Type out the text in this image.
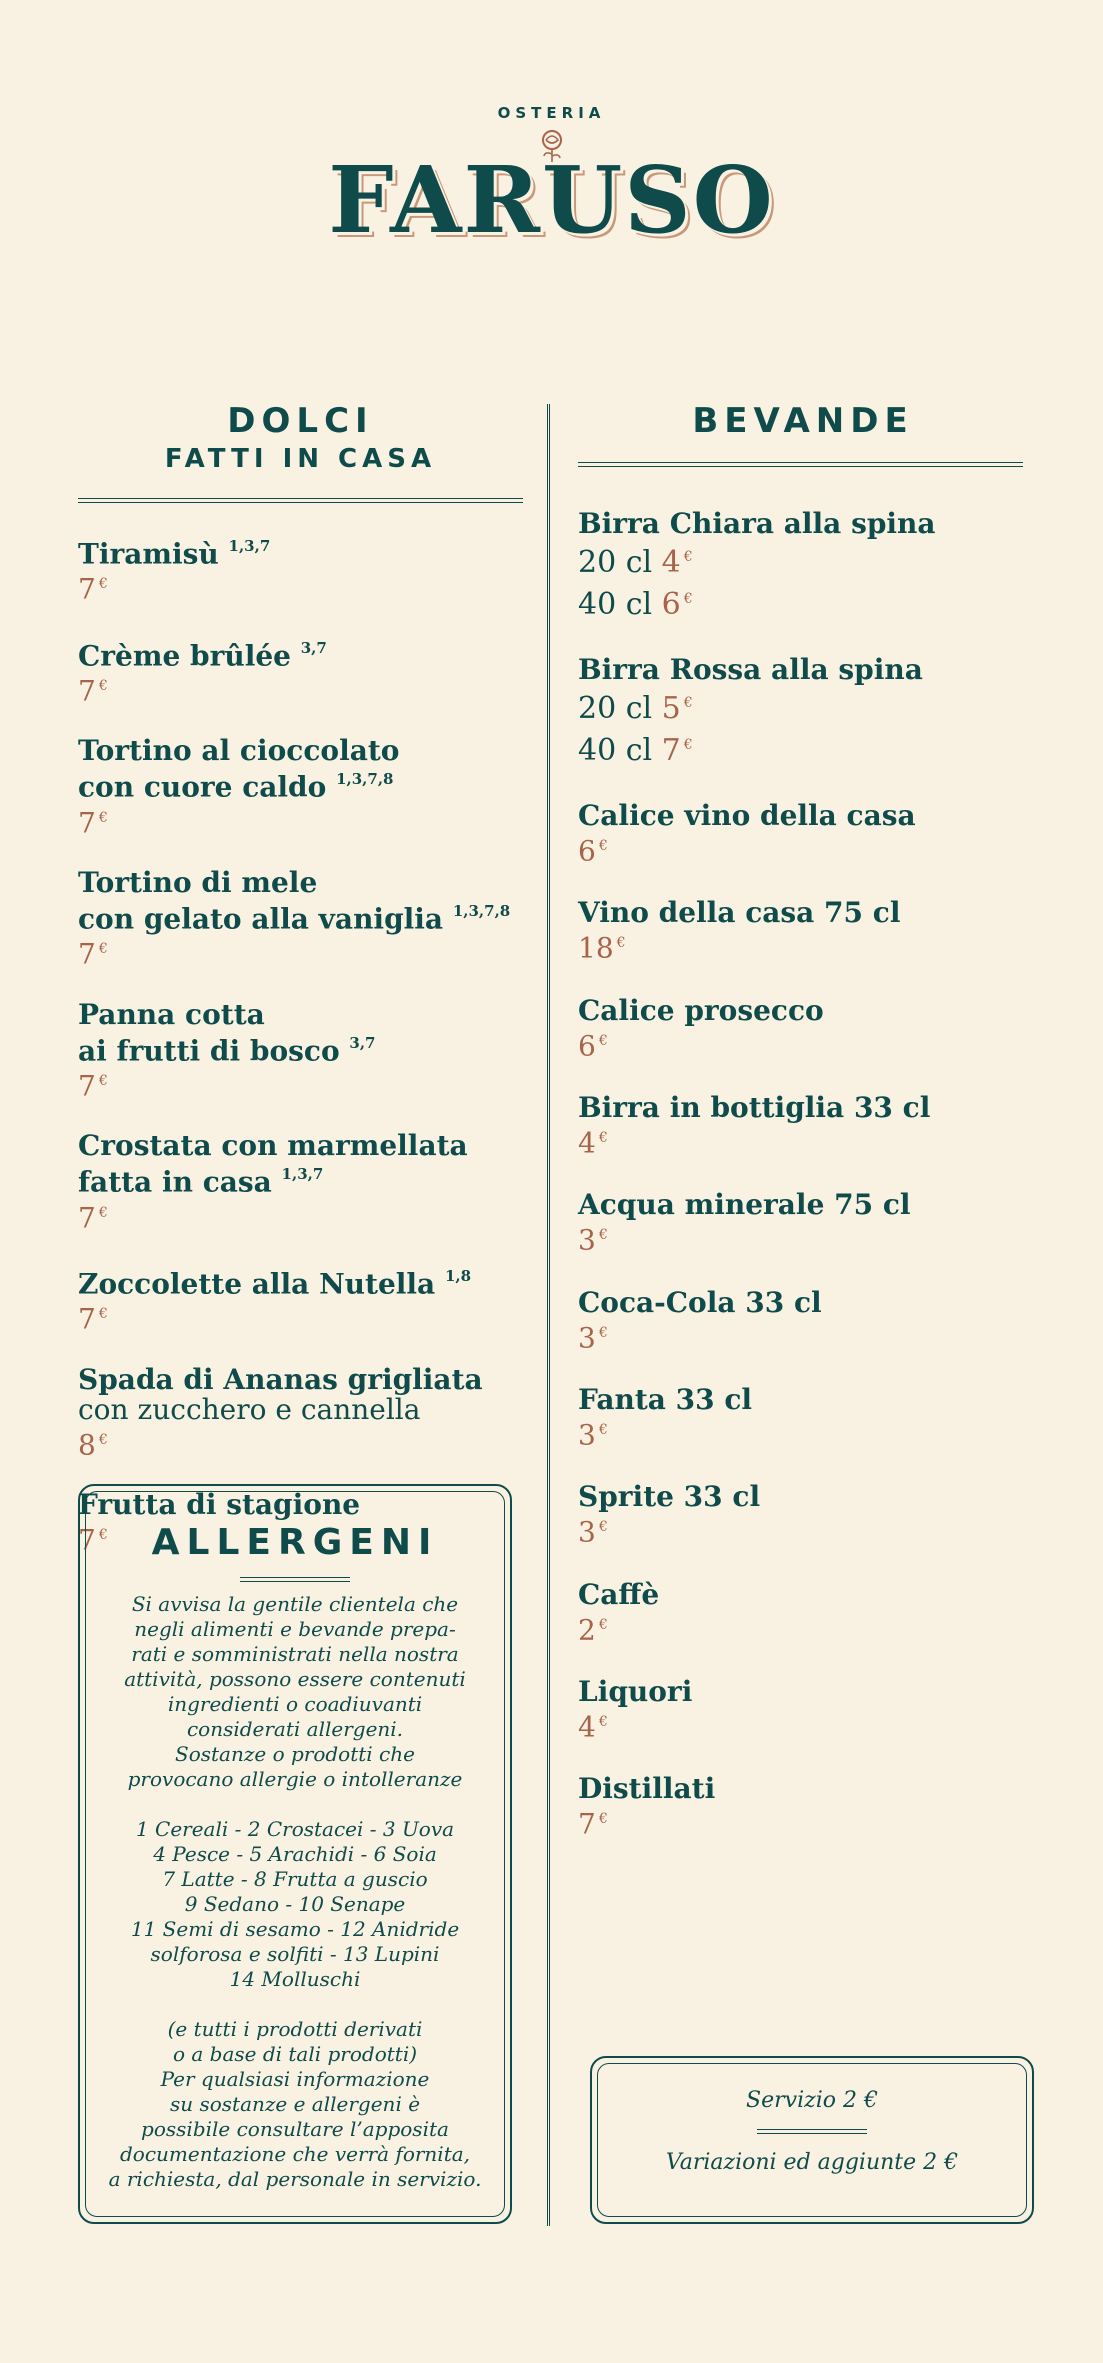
OSTERIA
FARUSO
DOLCI
FATTI IN CASA
Tiramisù $^{1,3,7}$
7 €
Crème brûlée $^{3,7}$
7 €
Tortino al cioccolato
con cuore caldo $^{1,3,7,8}$
7 €
Tortino di mele
con gelato alla vaniglia $^{1,3,7,8}$
7 €
Panna cotta
ai frutti di bosco $^{3,7}$
7 €
Crostata con marmellata
fatta in casa $^{1,3,7}$
7 €
Zoccolette alla Nutella $^{1,8}$
7 €
Spada di Ananas grigliata
con zucchero e cannella
8 €
Frutta di stagione
7 €
BEVANDE
Birra Chiara alla spina
20 cl 4 €
40 cl 6 €
Birra Rossa alla spina
20 cl 5 €
40 cl 7 €
Calice vino della casa
6 €
Vino della casa 75 cl
18 €
Calice prosecco
6 €
Birra in bottiglia 33 cl
4 €
Acqua minerale 75 cl
3 €
Coca-Cola 33 cl
3 €
Fanta 33 cl
3 €
Sprite 33 cl
3 €
Caffè
2 €
Liquori
4 €
Distillati
7 €
ALLERGENI
Si avvisa la gentile clientela che
negli alimenti e bevande prepa-
rati e somministrati nella nostra
attività, possono essere contenuti
ingredienti o coadiuvanti
considerati allergeni.
Sostanze o prodotti che
provocano allergie o intolleranze
1 Cereali - 2 Crostacei - 3 Uova
4 Pesce - 5 Arachidi - 6 Soia
7 Latte - 8 Frutta a guscio
9 Sedano - 10 Senape
11 Semi di sesamo - 12 Anidride
solforosa e solfiti - 13 Lupini
14 Molluschi
(e tutti i prodotti derivati
o a base di tali prodotti)
Per qualsiasi informazione
su sostanze e allergeni è
possibile consultare l’apposita
documentazione che verrà fornita,
a richiesta, dal personale in servizio.
Servizio 2 €
Variazioni ed aggiunte 2 €
